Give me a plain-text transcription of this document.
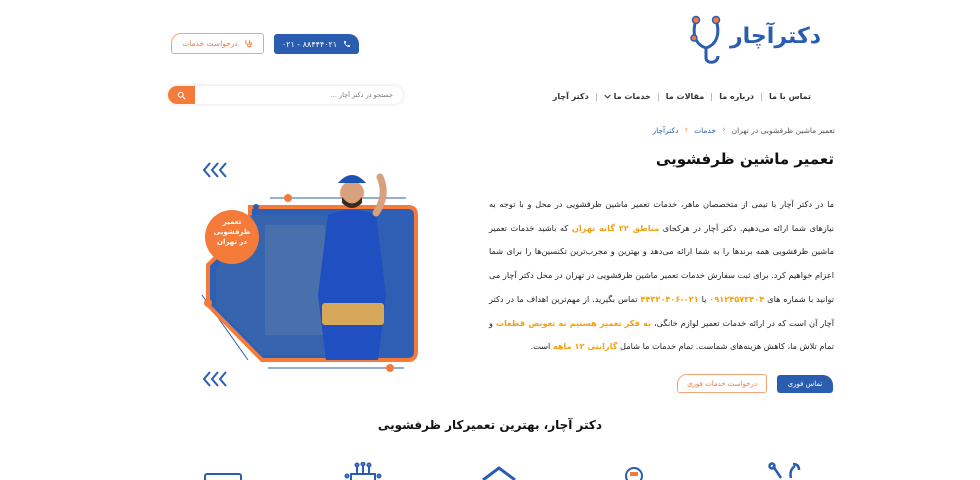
دکترآچار
۰۲۱ - ۸۸۴۴۴۰۲۱
درخواست خدمات
دکتر آچار	خدمات ما مقالات ما درباره ما تماس با ما
جستجو در دکتر آچار ...
دکترآچار ‹ خدمات ‹ تعمیر ماشین ظرفشویی در تهران
تعمیر ماشین ظرفشویی

ما در دکتر آچار با تیمی از متخصصان ماهر، خدمات تعمیر ماشین ظرفشویی در محل و با توجه به نیازهای شما ارائه می‌دهیم. دکتر آچار در هرکجای مناطق ۲۲ گانه تهران که باشید خدمات تعمیر ماشین ظرفشویی همه برندها را به شما ارائه می‌دهد و بهترین و مجرب‌ترین تکنسین‌ها را برای شما اعزام خواهیم کرد. برای ثبت سفارش خدمات تعمیر ماشین ظرفشویی در تهران در محل دکتر آچار می توانید با شماره های ۰۹۱۲۴۵۷۳۴۰۴ یا ۰۲۱-۴۴۳۲۰۴۰۶ تماس بگیرید. از مهم‌ترین اهداف ما در دکتر آچار آن است که در ارائه خدمات تعمیر لوازم خانگی، به فکر تعمیر هستیم نه تعویض قطعات و تمام تلاش ما، کاهش هزینه‌های شماست. تمام خدمات ما شامل گارانتی ۱۲ ماهه است.

تماس فوری
درخواست خدمات فوری
تعمیر ظرفشویی در تهران
دکتر آچار، بهترین تعمیرکار ظرفشویی
